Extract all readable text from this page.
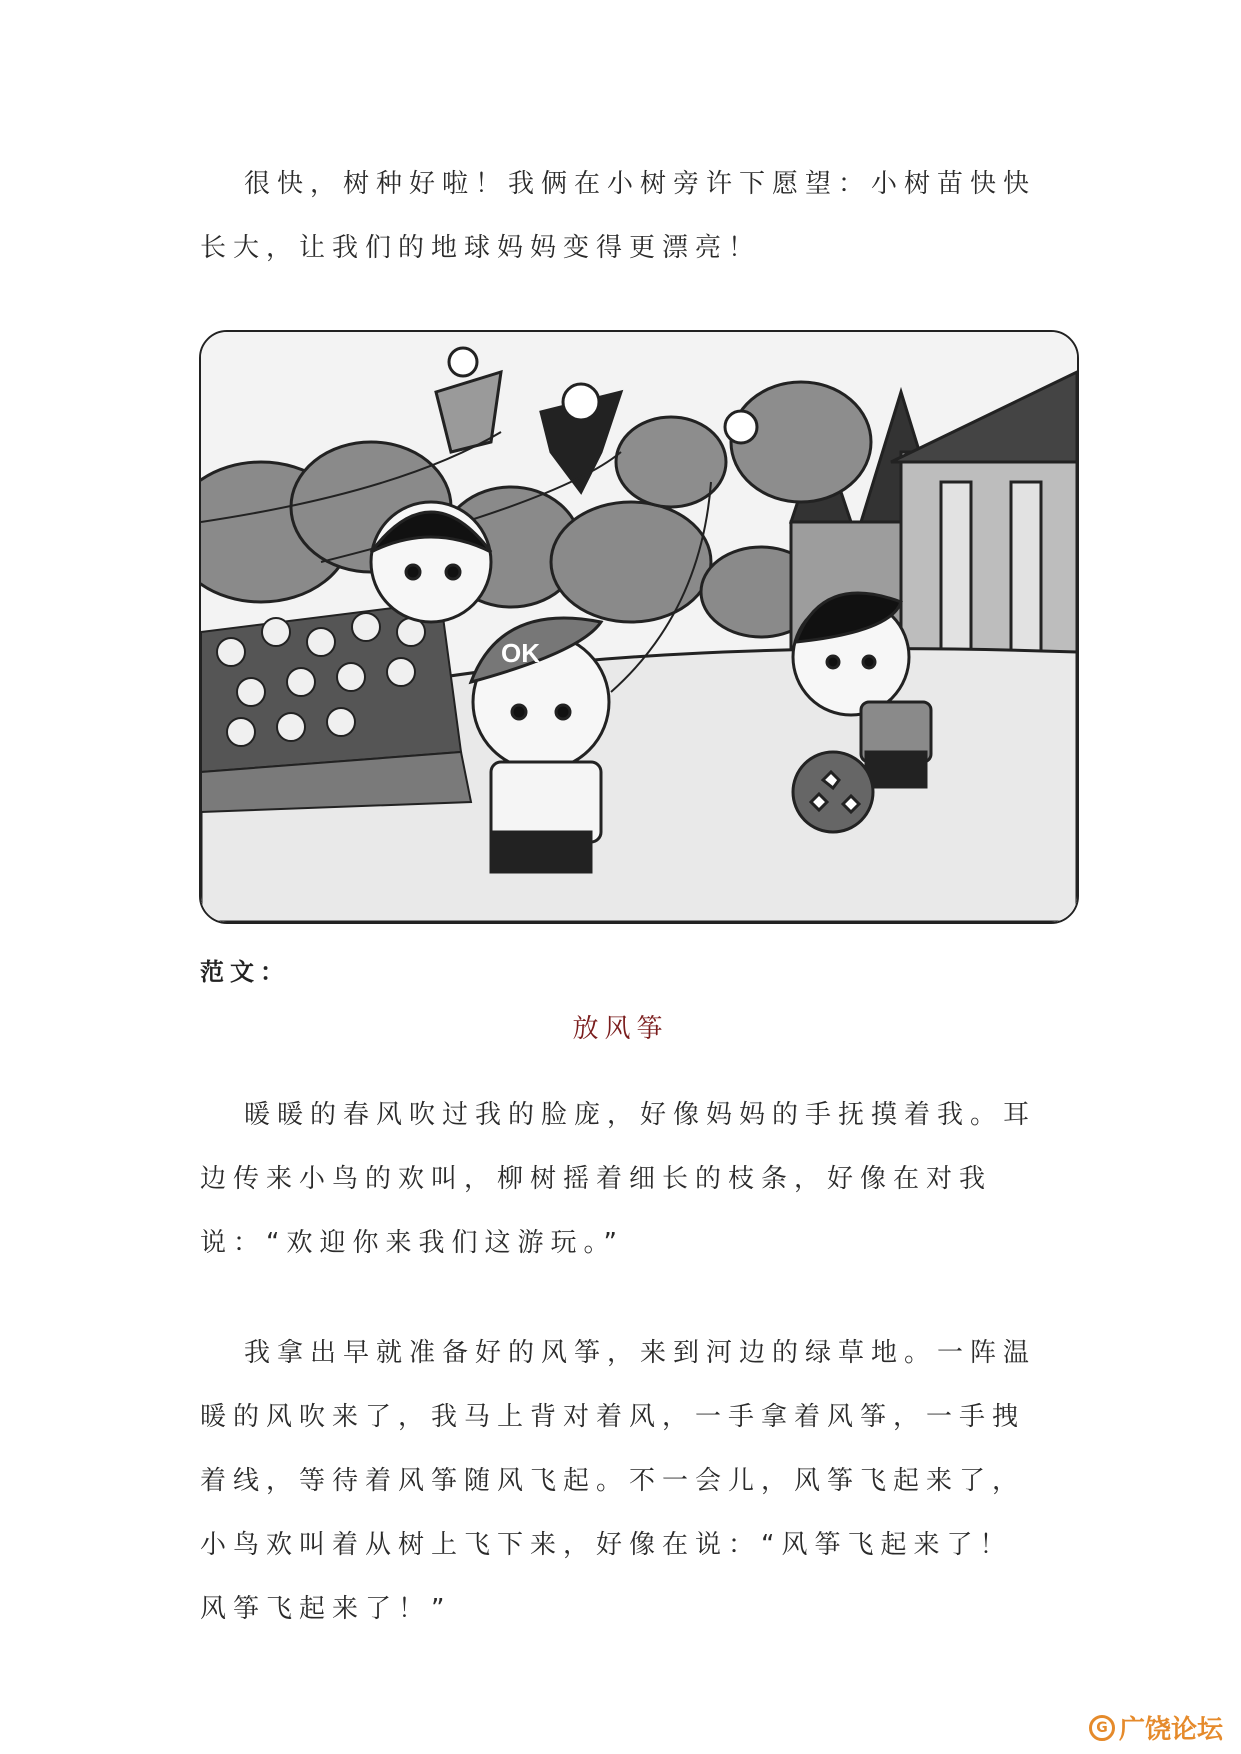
很快，树种好啦！我俩在小树旁许下愿望：小树苗快快长大，让我们的地球妈妈变得更漂亮！

OK
范文：
放风筝

暖暖的春风吹过我的脸庞，好像妈妈的手抚摸着我。耳边传来小鸟的欢叫，柳树摇着细长的枝条，好像在对我说：“欢迎你来我们这游玩。”

我拿出早就准备好的风筝，来到河边的绿草地。一阵温暖的风吹来了，我马上背对着风，一手拿着风筝，一手拽着线，等待着风筝随风飞起。不一会儿，风筝飞起来了，小鸟欢叫着从树上飞下来，好像在说：“风筝飞起来了！风筝飞起来了！”

G 广饶论坛
